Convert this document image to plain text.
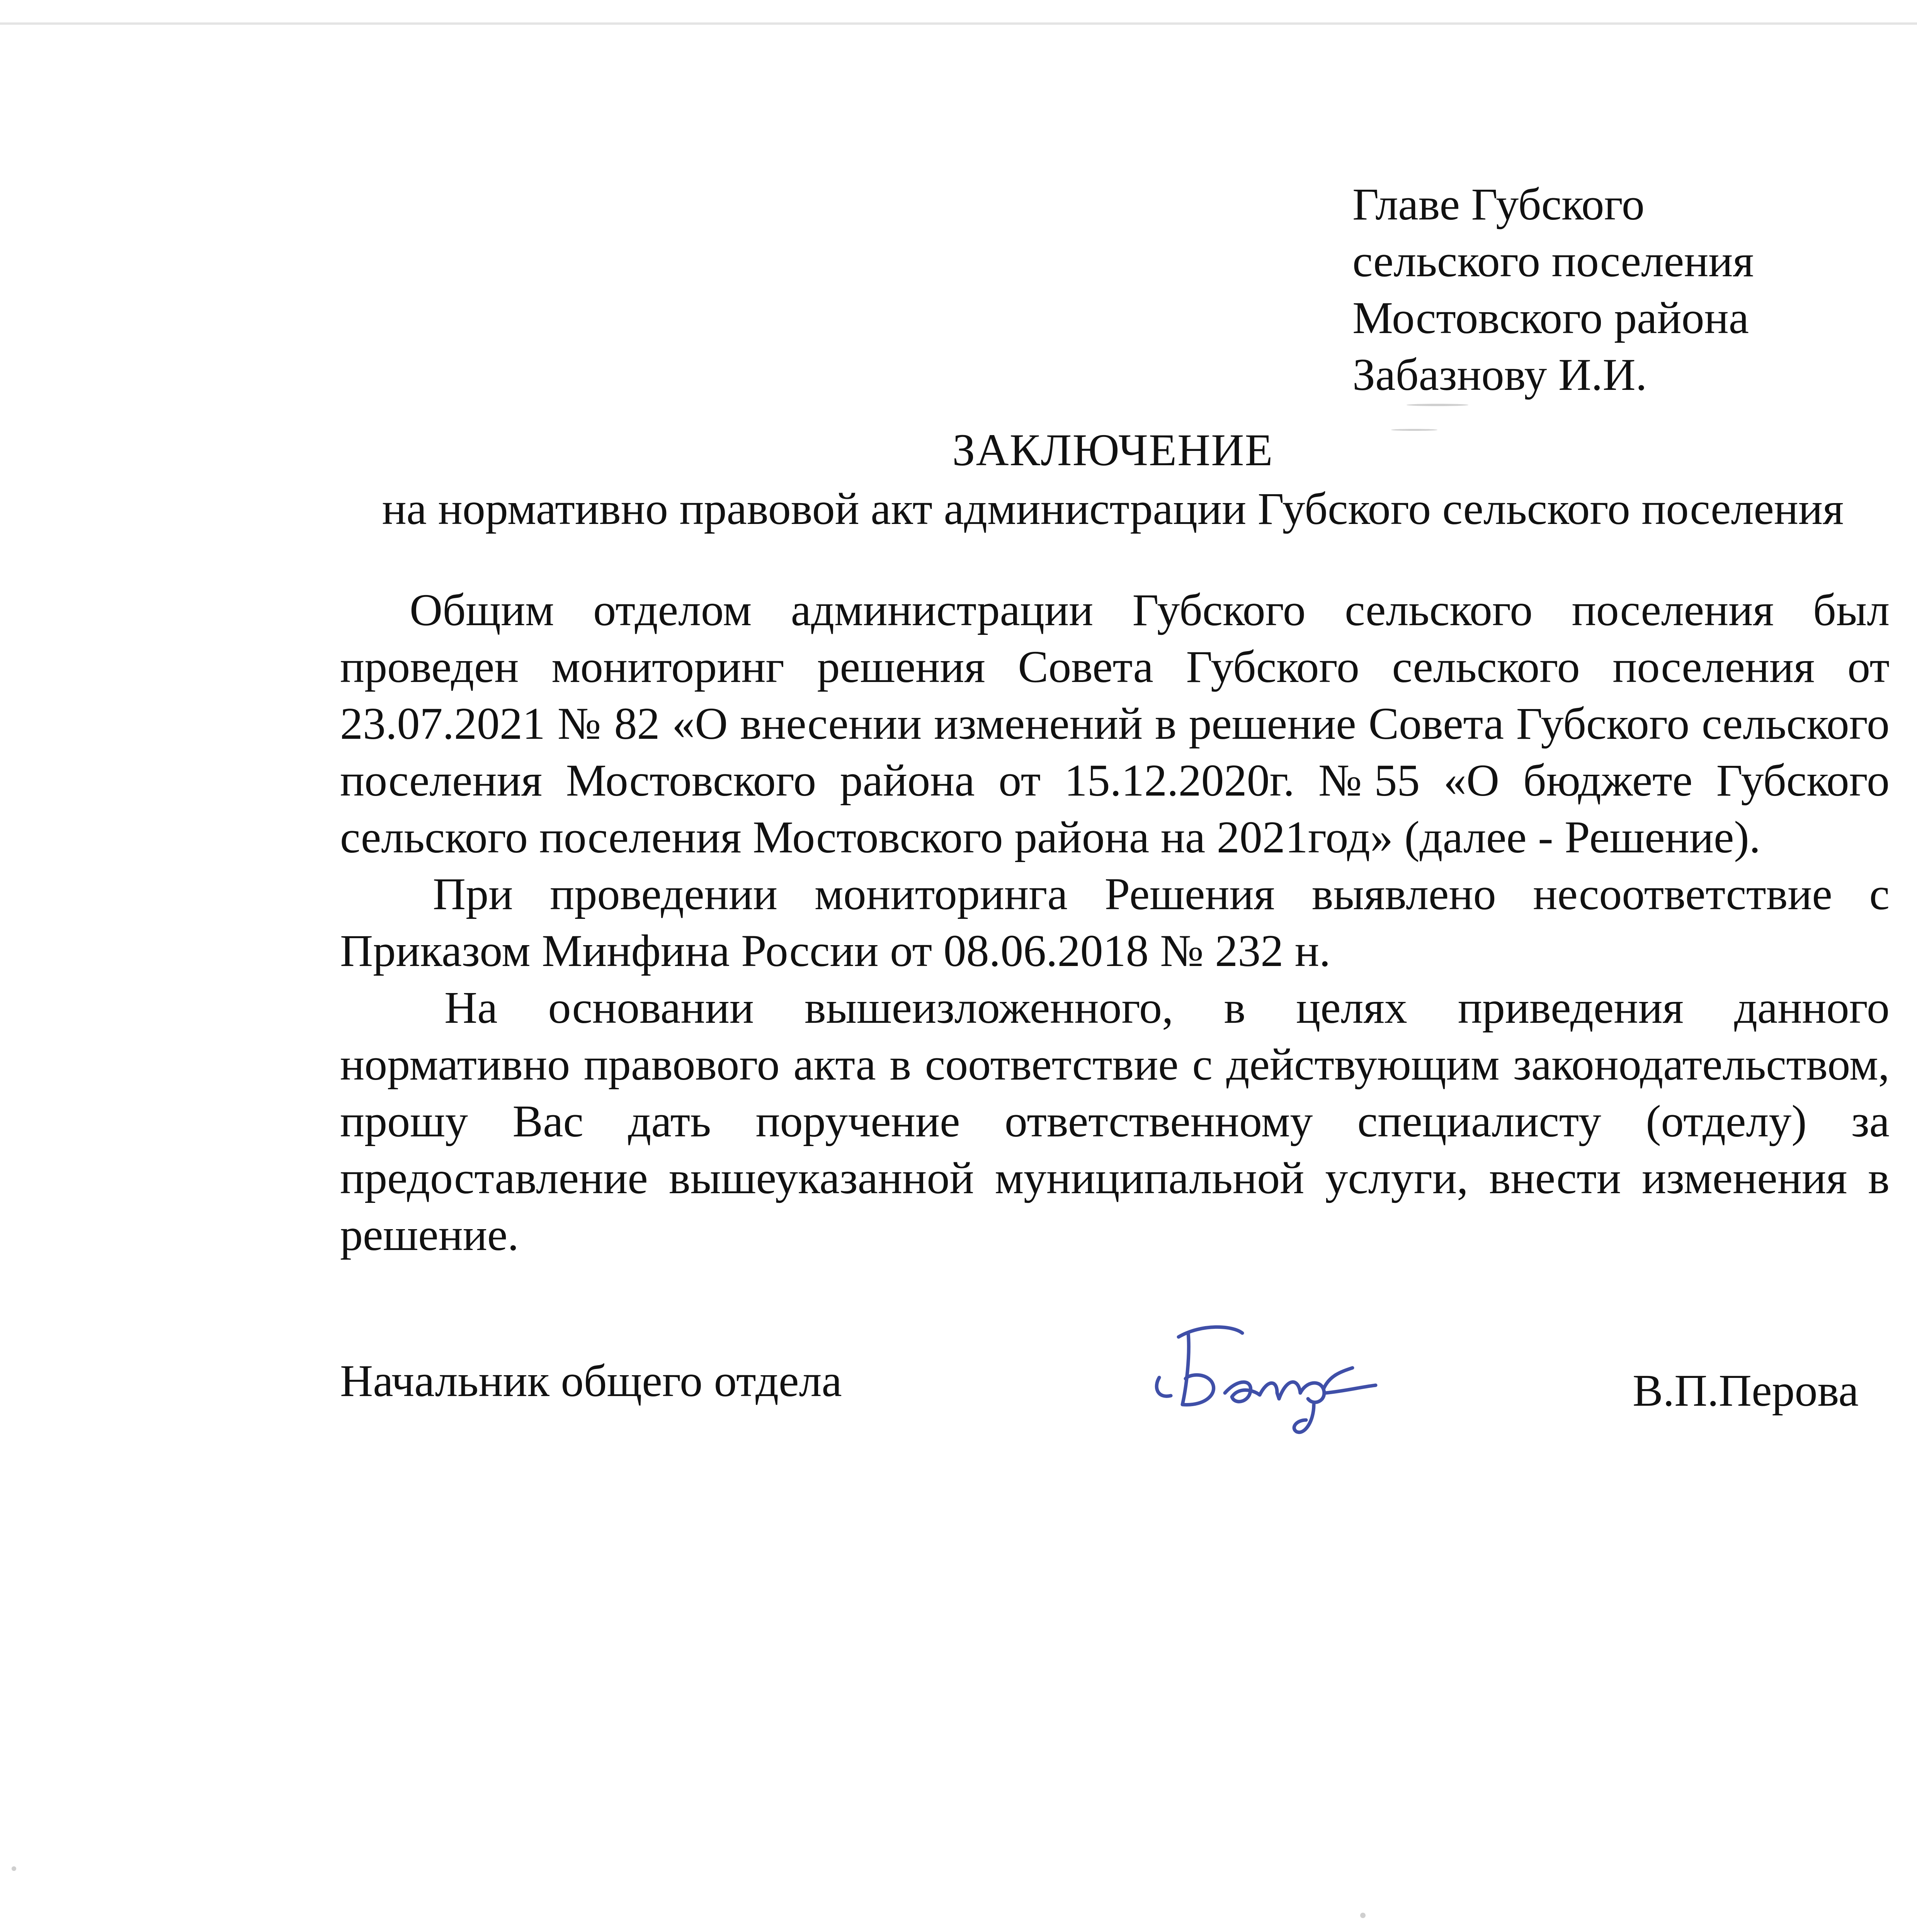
Главе Губского
сельского поселения
Мостовского района
Забазнову И.И.
ЗАКЛЮЧЕНИЕ
на нормативно правовой акт администрации Губского сельского поселения

Общим отделом администрации Губского сельского поселения был проведен мониторинг решения Совета Губского сельского поселения от 23.07.2021 № 82 «О внесении изменений в решение Совета Губского сельского поселения Мостовского района от 15.12.2020г. №55 «О бюджете Губского сельского поселения Мостовского района на 2021год» (далее - Решение).

При проведении мониторинга Решения выявлено несоответствие с Приказом Минфина России от 08.06.2018 № 232 н.

На основании вышеизложенного, в целях приведения данного нормативно правового акта в соответствие с действующим законодательством, прошу Вас дать поручение ответственному специалисту (отделу) за предоставление вышеуказанной муниципальной услуги, внести изменения в решение.

Начальник общего отдела	В.П.Перова
